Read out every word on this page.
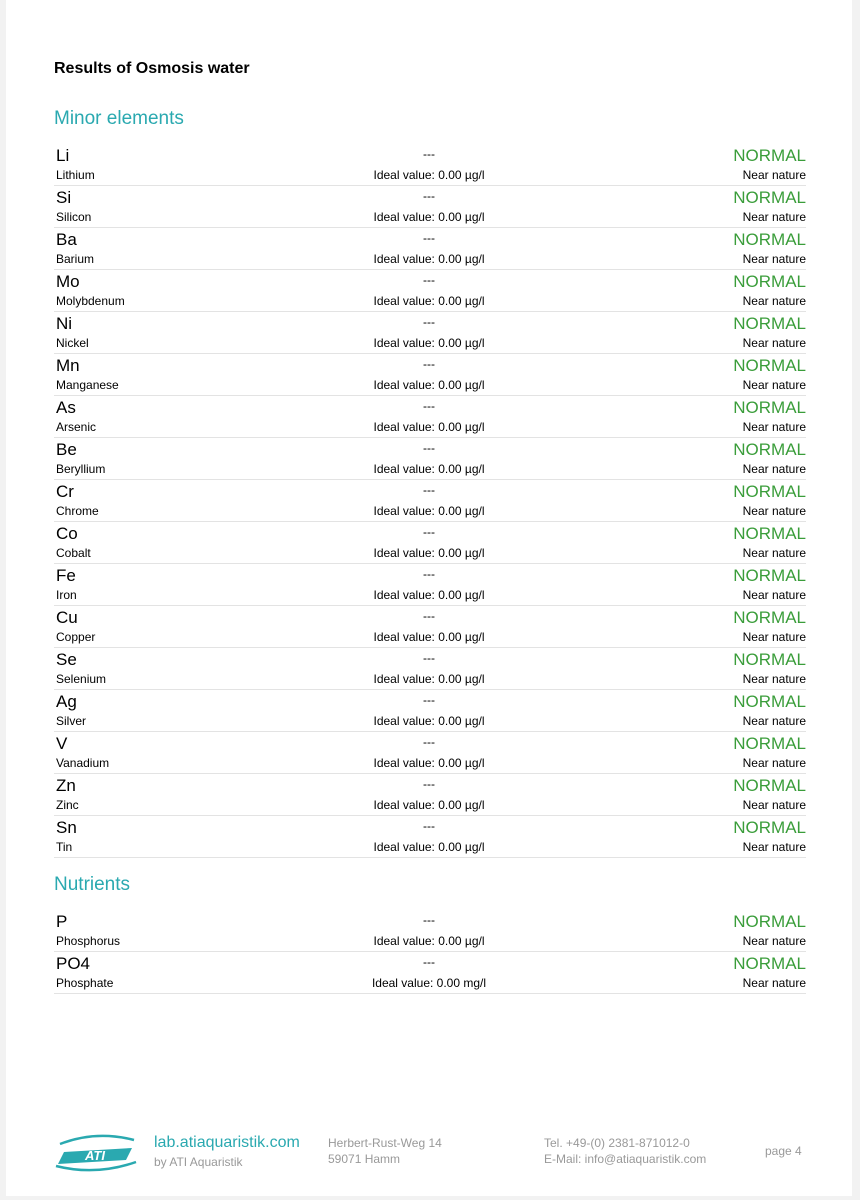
Results of Osmosis water
Minor elements
Li
Lithium
---
Ideal value: 0.00 µg/l
NORMAL
Near nature
Si
Silicon
---
Ideal value: 0.00 µg/l
NORMAL
Near nature
Ba
Barium
---
Ideal value: 0.00 µg/l
NORMAL
Near nature
Mo
Molybdenum
---
Ideal value: 0.00 µg/l
NORMAL
Near nature
Ni
Nickel
---
Ideal value: 0.00 µg/l
NORMAL
Near nature
Mn
Manganese
---
Ideal value: 0.00 µg/l
NORMAL
Near nature
As
Arsenic
---
Ideal value: 0.00 µg/l
NORMAL
Near nature
Be
Beryllium
---
Ideal value: 0.00 µg/l
NORMAL
Near nature
Cr
Chrome
---
Ideal value: 0.00 µg/l
NORMAL
Near nature
Co
Cobalt
---
Ideal value: 0.00 µg/l
NORMAL
Near nature
Fe
Iron
---
Ideal value: 0.00 µg/l
NORMAL
Near nature
Cu
Copper
---
Ideal value: 0.00 µg/l
NORMAL
Near nature
Se
Selenium
---
Ideal value: 0.00 µg/l
NORMAL
Near nature
Ag
Silver
---
Ideal value: 0.00 µg/l
NORMAL
Near nature
V
Vanadium
---
Ideal value: 0.00 µg/l
NORMAL
Near nature
Zn
Zinc
---
Ideal value: 0.00 µg/l
NORMAL
Near nature
Sn
Tin
---
Ideal value: 0.00 µg/l
NORMAL
Near nature
Nutrients
P
Phosphorus
---
Ideal value: 0.00 µg/l
NORMAL
Near nature
PO4
Phosphate
---
Ideal value: 0.00 mg/l
NORMAL
Near nature
ATI
lab.atiaquaristik.com
by ATI Aquaristik
Herbert-Rust-Weg 14
59071 Hamm
Tel. +49-(0) 2381-871012-0
E-Mail: info@atiaquaristik.com
page 4
